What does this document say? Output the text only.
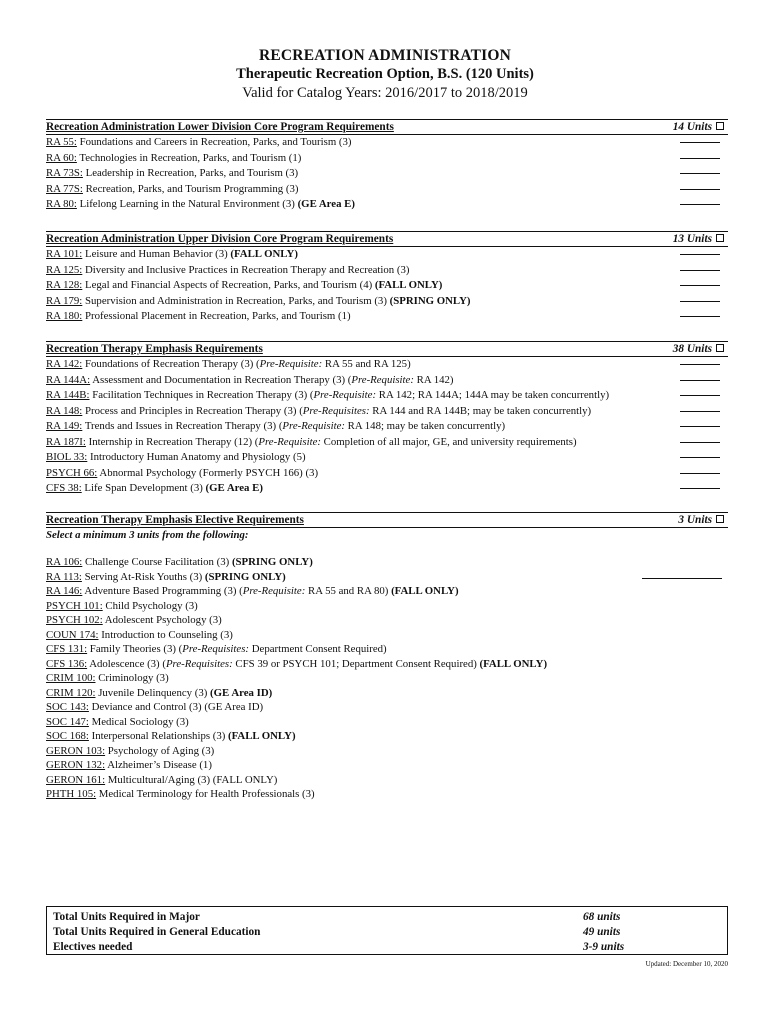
RECREATION ADMINISTRATION
Therapeutic Recreation Option, B.S. (120 Units)
Valid for Catalog Years: 2016/2017 to 2018/2019
Recreation Administration Lower Division Core Program Requirements	14 Units
RA 55: Foundations and Careers in Recreation, Parks, and Tourism (3)
RA 60: Technologies in Recreation, Parks, and Tourism (1)
RA 73S: Leadership in Recreation, Parks, and Tourism (3)
RA 77S: Recreation, Parks, and Tourism Programming (3)
RA 80: Lifelong Learning in the Natural Environment (3) (GE Area E)
Recreation Administration Upper Division Core Program Requirements	13 Units
RA 101: Leisure and Human Behavior (3) (FALL ONLY)
RA 125: Diversity and Inclusive Practices in Recreation Therapy and Recreation (3)
RA 128: Legal and Financial Aspects of Recreation, Parks, and Tourism (4) (FALL ONLY)
RA 179: Supervision and Administration in Recreation, Parks, and Tourism (3) (SPRING ONLY)
RA 180: Professional Placement in Recreation, Parks, and Tourism (1)
Recreation Therapy Emphasis Requirements	38 Units
RA 142: Foundations of Recreation Therapy (3) (Pre-Requisite: RA 55 and RA 125)
RA 144A: Assessment and Documentation in Recreation Therapy (3) (Pre-Requisite: RA 142)
RA 144B: Facilitation Techniques in Recreation Therapy (3) (Pre-Requisite: RA 142; RA 144A; 144A may be taken concurrently)
RA 148: Process and Principles in Recreation Therapy (3) (Pre-Requisites: RA 144 and RA 144B; may be taken concurrently)
RA 149: Trends and Issues in Recreation Therapy (3) (Pre-Requisite: RA 148; may be taken concurrently)
RA 187I: Internship in Recreation Therapy (12) (Pre-Requisite: Completion of all major, GE, and university requirements)
BIOL 33: Introductory Human Anatomy and Physiology (5)
PSYCH 66: Abnormal Psychology (Formerly PSYCH 166) (3)
CFS 38: Life Span Development (3) (GE Area E)
Recreation Therapy Emphasis Elective Requirements	3 Units
Select a minimum 3 units from the following:
RA 106: Challenge Course Facilitation (3) (SPRING ONLY)
RA 113: Serving At-Risk Youths (3) (SPRING ONLY)
RA 146: Adventure Based Programming (3) (Pre-Requisite: RA 55 and RA 80) (FALL ONLY)
PSYCH 101: Child Psychology (3)
PSYCH 102: Adolescent Psychology (3)
COUN 174: Introduction to Counseling (3)
CFS 131: Family Theories (3) (Pre-Requisites: Department Consent Required)
CFS 136: Adolescence (3) (Pre-Requisites: CFS 39 or PSYCH 101; Department Consent Required) (FALL ONLY)
CRIM 100: Criminology (3)
CRIM 120: Juvenile Delinquency (3) (GE Area ID)
SOC 143: Deviance and Control (3) (GE Area ID)
SOC 147: Medical Sociology (3)
SOC 168: Interpersonal Relationships (3) (FALL ONLY)
GERON 103: Psychology of Aging (3)
GERON 132: Alzheimer’s Disease (1)
GERON 161: Multicultural/Aging (3) (FALL ONLY)
PHTH 105: Medical Terminology for Health Professionals (3)
Total Units Required in Major	68 units
Total Units Required in General Education	49 units
Electives needed	3-9 units
Updated: December 10, 2020
